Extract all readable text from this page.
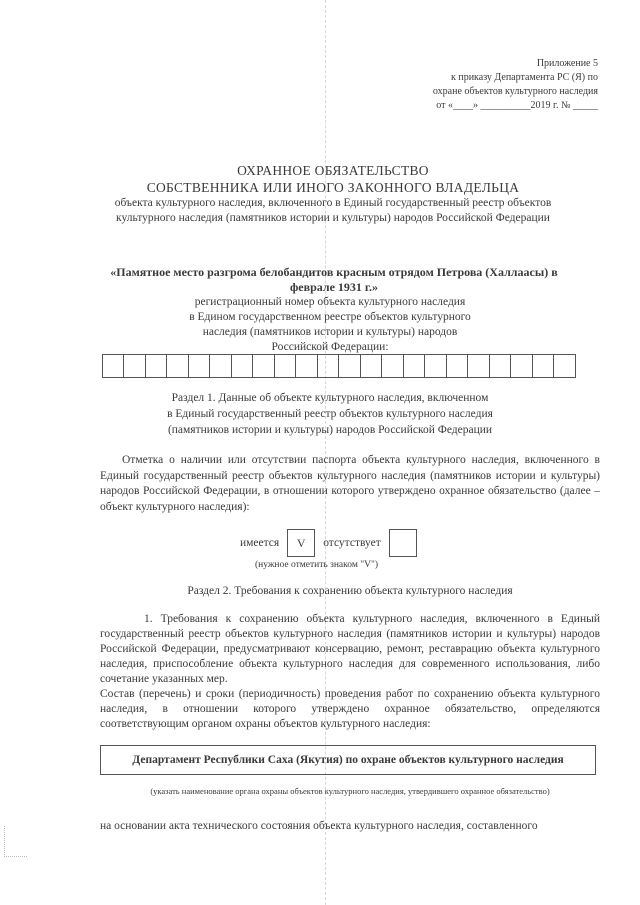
Приложение 5
к приказу Департамента РС (Я) по
охране объектов культурного наследия
от «____» __________2019 г. № _____
ОХРАННОЕ ОБЯЗАТЕЛЬСТВО
СОБСТВЕННИКА ИЛИ ИНОГО ЗАКОННОГО ВЛАДЕЛЬЦА
объекта культурного наследия, включенного в Единый государственный реестр объектов
культурного наследия (памятников истории и культуры) народов Российской Федерации
«Памятное место разгрома белобандитов красным отрядом Петрова (Халлаасы) в феврале 1931 г.»
регистрационный номер объекта культурного наследия
в Едином государственном реестре объектов культурного
наследия (памятников истории и культуры) народов
Российской Федерации:
Раздел 1. Данные об объекте культурного наследия, включенном
в Единый государственный реестр объектов культурного наследия
(памятников истории и культуры) народов Российской Федерации
Отметка о наличии или отсутствии паспорта объекта культурного наследия, включенного в Единый государственный реестр объектов культурного наследия (памятников истории и культуры) народов Российской Федерации, в отношении которого утверждено охранное обязательство (далее – объект культурного наследия):
имеется	V	отсутствует
(нужное отметить знаком "V")
Раздел 2. Требования к сохранению объекта культурного наследия
1. Требования к сохранению объекта культурного наследия, включенного в Единый государственный реестр объектов культурного наследия (памятников истории и культуры) народов Российской Федерации, предусматривают консервацию, ремонт, реставрацию объекта культурного наследия, приспособление объекта культурного наследия для современного использования, либо сочетание указанных мер.
Состав (перечень) и сроки (периодичность) проведения работ по сохранению объекта культурного наследия, в отношении которого утверждено охранное обязательство, определяются соответствующим органом охраны объектов культурного наследия:
Департамент Республики Саха (Якутия) по охране объектов культурного наследия
(указать наименование органа охраны объектов культурного наследия, утвердившего охранное обязательство)
на основании акта технического состояния объекта культурного наследия, составленного
